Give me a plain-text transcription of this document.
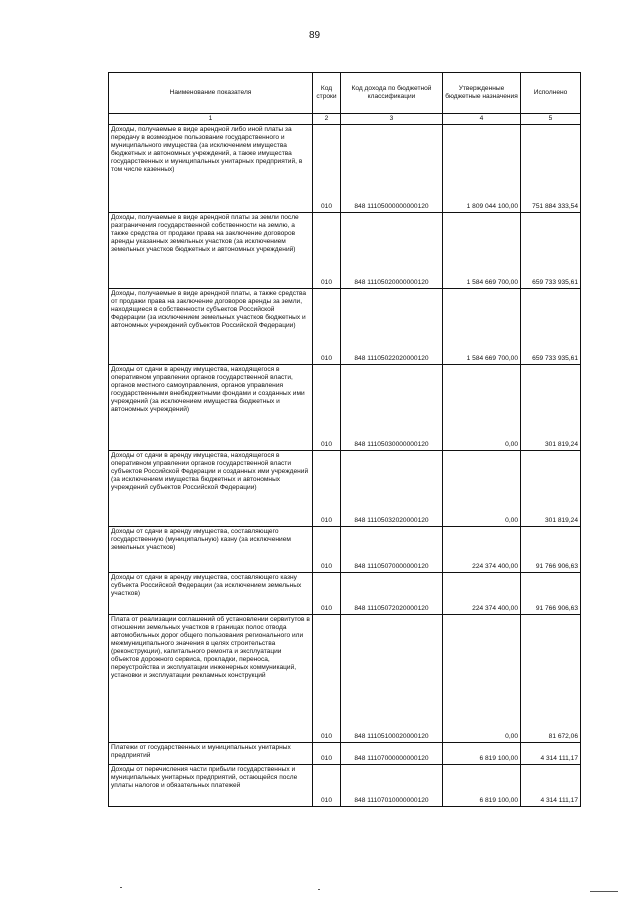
89
Наименование показателя	Код строки	Код дохода по бюджетной классификации	Утвержденные бюджетные назначения	Исполнено
1	2	3	4	5
Доходы, получаемые в виде арендной либо иной платы за передачу в возмездное пользование государственного и муниципального имущества (за исключением имущества бюджетных и автономных учреждений, а также имущества государственных и муниципальных унитарных предприятий, в том числе казенных)	010	848 11105000000000120	1 809 044 100,00	751 884 333,54
Доходы, получаемые в виде арендной платы за земли после разграничения государственной собственности на землю, а также средства от продажи права на заключение договоров аренды указанных земельных участков (за исключением земельных участков бюджетных и автономных учреждений)	010	848 11105020000000120	1 584 669 700,00	659 733 935,61
Доходы, получаемые в виде арендной платы, а также средства от продажи права на заключение договоров аренды за земли, находящиеся в собственности субъектов Российской Федерации (за исключением земельных участков бюджетных и автономных учреждений субъектов Российской Федерации)	010	848 11105022020000120	1 584 669 700,00	659 733 935,61
Доходы от сдачи в аренду имущества, находящегося в оперативном управлении органов государственной власти, органов местного самоуправления, органов управления государственными внебюджетными фондами и созданных ими учреждений (за исключением имущества бюджетных и автономных учреждений)	010	848 11105030000000120	0,00	301 819,24
Доходы от сдачи в аренду имущества, находящегося в оперативном управлении органов государственной власти субъектов Российской Федерации и созданных ими учреждений (за исключением имущества бюджетных и автономных учреждений субъектов Российской Федерации)	010	848 11105032020000120	0,00	301 819,24
Доходы от сдачи в аренду имущества, составляющего государственную (муниципальную) казну (за исключением земельных участков)	010	848 11105070000000120	224 374 400,00	91 766 906,63
Доходы от сдачи в аренду имущества, составляющего казну субъекта Российской Федерации (за исключением земельных участков)	010	848 11105072020000120	224 374 400,00	91 766 906,63
Плата от реализации соглашений об установлении сервитутов в отношении земельных участков в границах полос отвода автомобильных дорог общего пользования регионального или межмуниципального значения в целях строительства (реконструкции), капитального ремонта и эксплуатации объектов дорожного сервиса, прокладки, переноса, переустройства и эксплуатации инженерных коммуникаций, установки и эксплуатации рекламных конструкций	010	848 11105100020000120	0,00	81 672,06
Платежи от государственных и муниципальных унитарных предприятий	010	848 11107000000000120	6 819 100,00	4 314 111,17
Доходы от перечисления части прибыли государственных и муниципальных унитарных предприятий, остающейся после уплаты налогов и обязательных платежей	010	848 11107010000000120	6 819 100,00	4 314 111,17
